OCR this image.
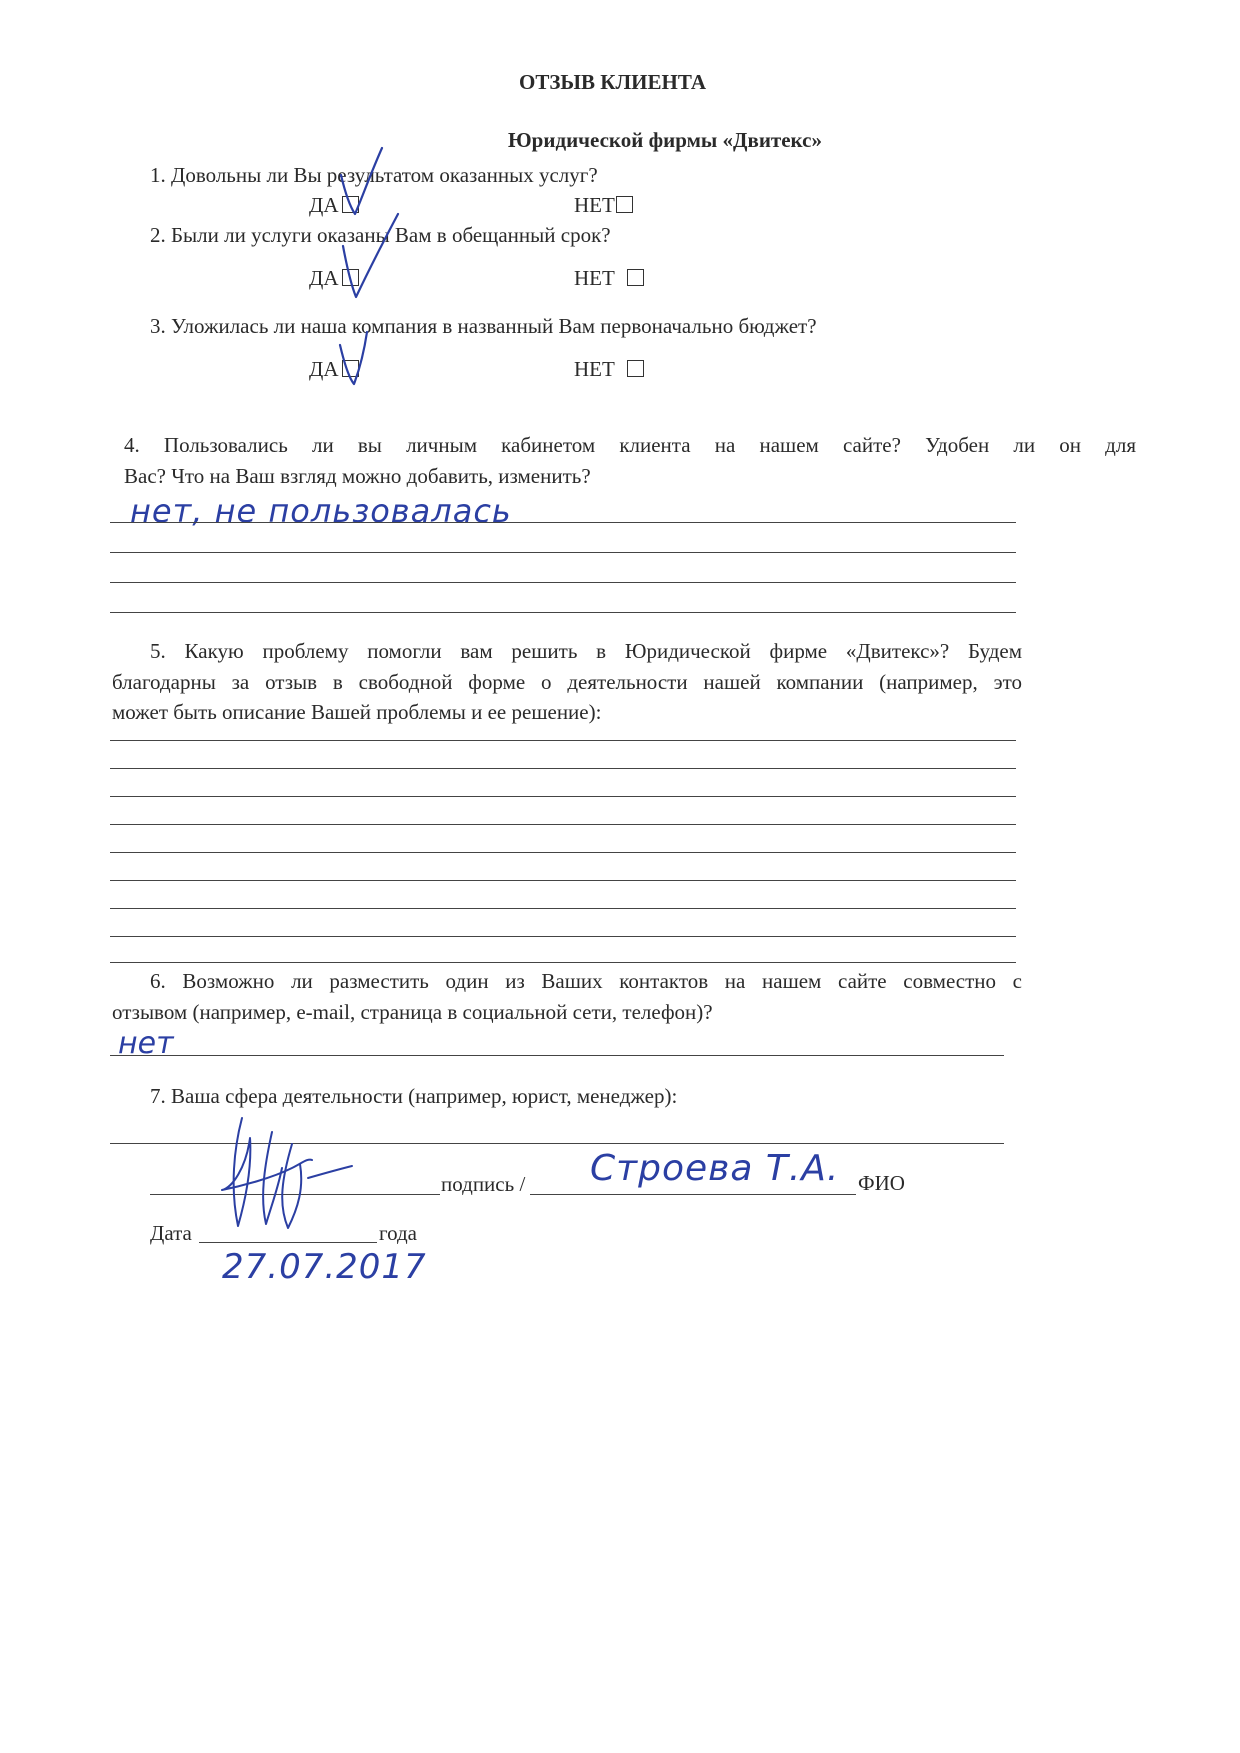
ОТЗЫВ КЛИЕНТА
Юридической фирмы «Двитекс»
1. Довольны ли Вы результатом оказанных услуг?
ДА	НЕТ
2. Были ли услуги оказаны Вам в обещанный срок?
ДА	НЕТ
3. Уложилась ли наша компания в названный Вам первоначально бюджет?
ДА	НЕТ
4. Пользовались ли вы личным кабинетом клиента на нашем сайте? Удобен ли он для
Вас? Что на Ваш взгляд можно добавить, изменить?
нет, не пользовалась
5. Какую проблему помогли вам решить в Юридической фирме «Двитекс»? Будем
благодарны за отзыв в свободной форме о деятельности нашей компании (например, это
может быть описание Вашей проблемы и ее решение):
6. Возможно ли разместить один из Ваших контактов на нашем сайте совместно с
отзывом (например, e-mail, страница в социальной сети, телефон)?
нет
7. Ваша сфера деятельности (например, юрист, менеджер):
подпись /	ФИО
Строева Т.А.
Дата	года
27.07.2017
